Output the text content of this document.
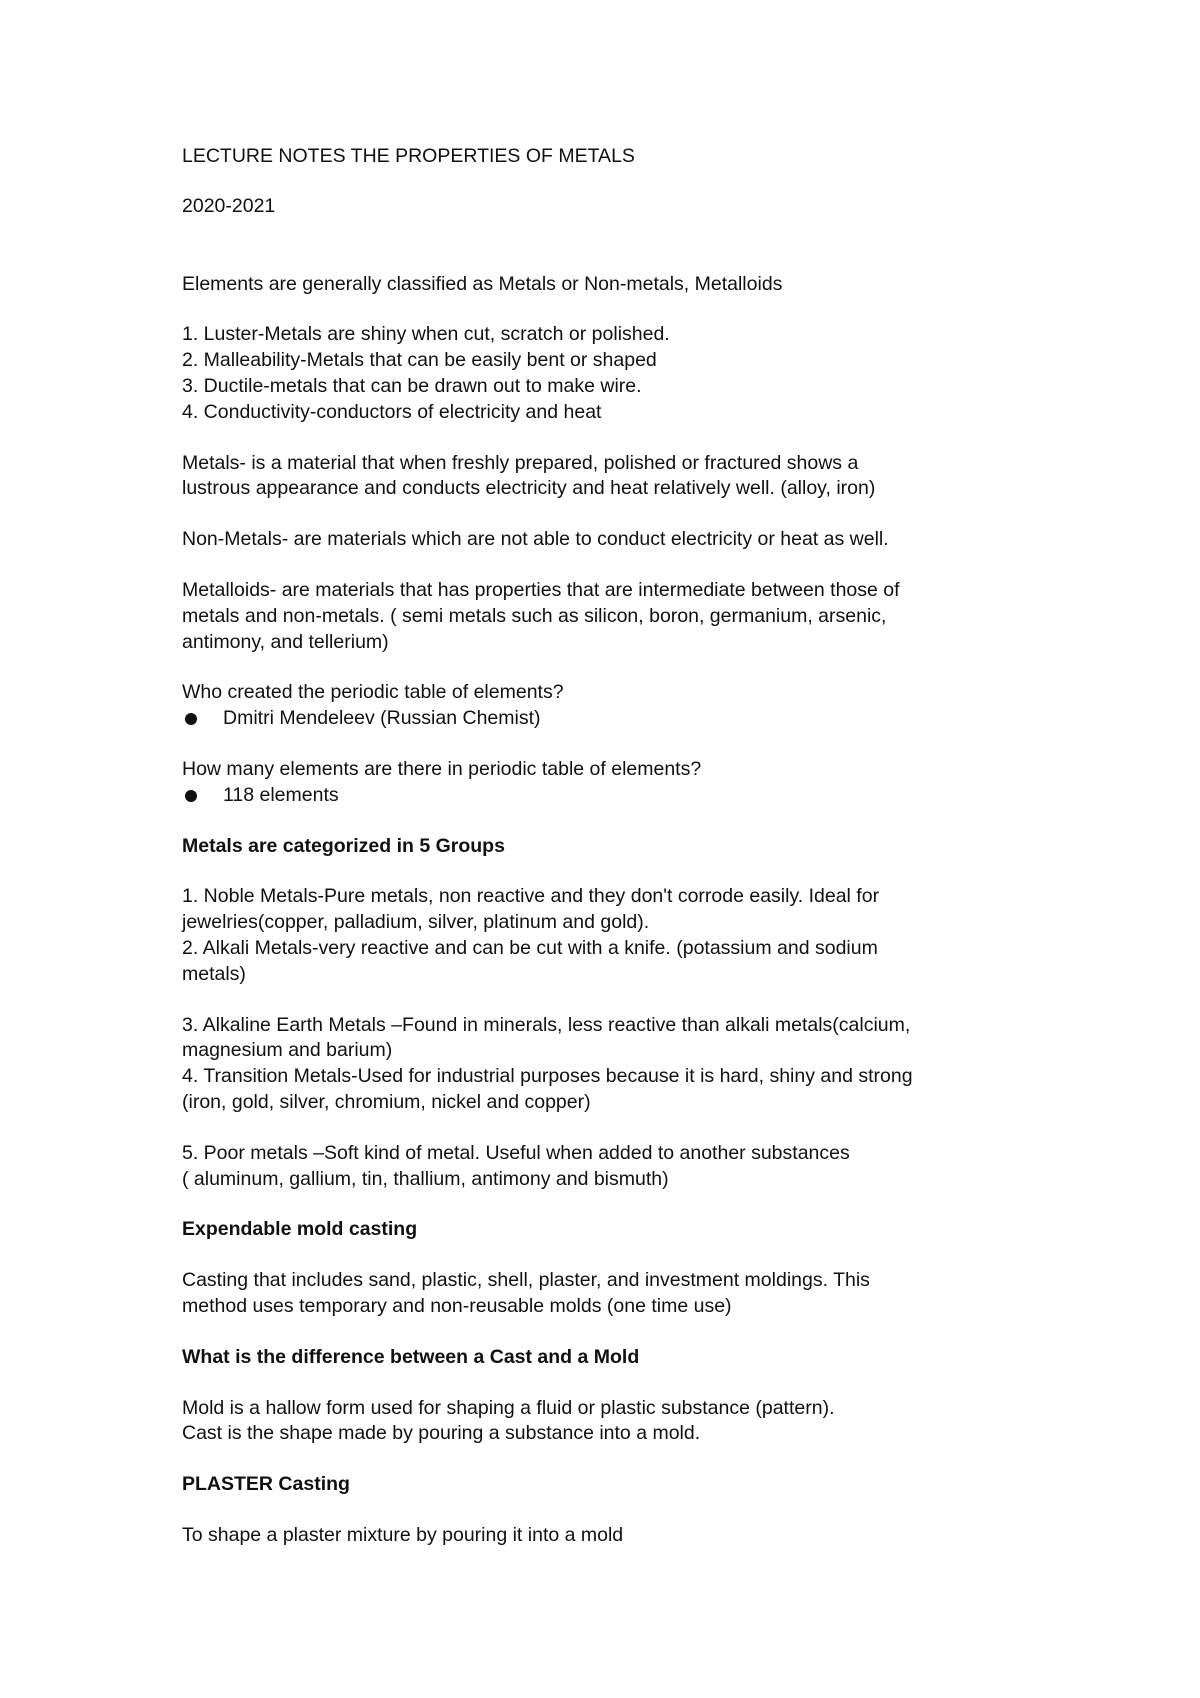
LECTURE NOTES THE PROPERTIES OF METALS

2020-2021

Elements are generally classified as Metals or Non-metals, Metalloids

1. Luster-Metals are shiny when cut, scratch or polished.

2. Malleability-Metals that can be easily bent or shaped

3. Ductile-metals that can be drawn out to make wire.

4. Conductivity-conductors of electricity and heat

Metals- is a material that when freshly prepared, polished or fractured shows a

lustrous appearance and conducts electricity and heat relatively well. (alloy, iron)

Non-Metals- are materials which are not able to conduct electricity or heat as well.

Metalloids- are materials that has properties that are intermediate between those of

metals and non-metals. ( semi metals such as silicon, boron, germanium, arsenic,

antimony, and tellerium)

Who created the periodic table of elements?

Dmitri Mendeleev (Russian Chemist)

How many elements are there in periodic table of elements?

118 elements

Metals are categorized in 5 Groups

1. Noble Metals-Pure metals, non reactive and they don't corrode easily. Ideal for

jewelries(copper, palladium, silver, platinum and gold).

2. Alkali Metals-very reactive and can be cut with a knife. (potassium and sodium

metals)

3. Alkaline Earth Metals –Found in minerals, less reactive than alkali metals(calcium,

magnesium and barium)

4. Transition Metals-Used for industrial purposes because it is hard, shiny and strong

(iron, gold, silver, chromium, nickel and copper)

5. Poor metals –Soft kind of metal. Useful when added to another substances

( aluminum, gallium, tin, thallium, antimony and bismuth)

Expendable mold casting

Casting that includes sand, plastic, shell, plaster, and investment moldings. This

method uses temporary and non-reusable molds (one time use)

What is the difference between a Cast and a Mold

Mold is a hallow form used for shaping a fluid or plastic substance (pattern).

Cast is the shape made by pouring a substance into a mold.

PLASTER Casting

To shape a plaster mixture by pouring it into a mold
